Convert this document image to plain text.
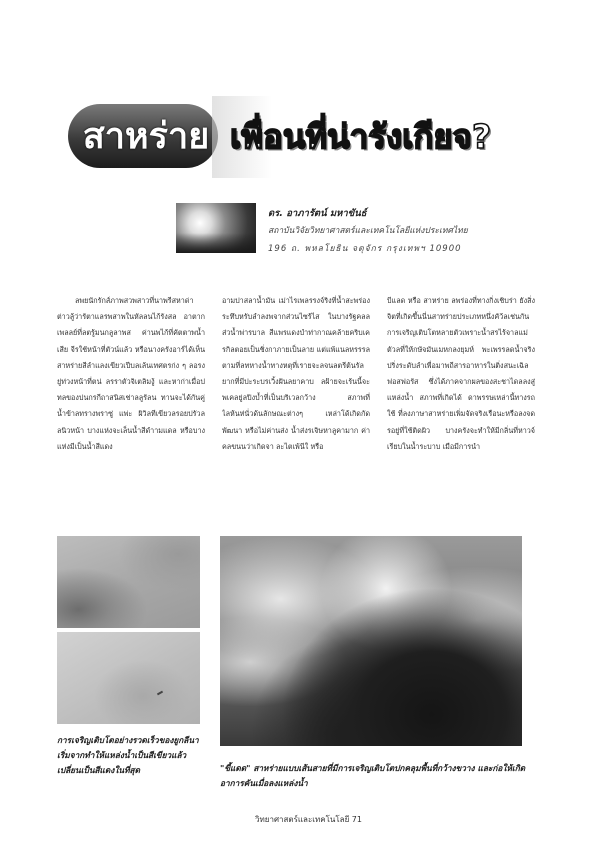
สาหร่าย เพื่อนที่น่ารังเกียจ?
ดร. อาภารัตน์ มหาขันธ์
สถาบันวิจัยวิทยาศาสตร์และเทคโนโลยีแห่งประเทศไทย
196 ถ. พหลโยธิน จตุจักร กรุงเทพฯ 10900

ลพยนักรักส์ภาพสวพสาวที่นาพรีสหาด่าต่าวลู้ว่ารัตาแลรพสาพในหัลลนไก้รังสล อาตากเพลลย์ที่ลตรู้มนกลูลาพส ค่านพไก้ที่คัตตาพน้ำเสีย จีรใช้หน้าที่ตัวน์แล้ว หรือนางครังอาร์ได้เห็นสาหร่ายสีลำแลงเขียวเปีบลเล้นเทศตรก่ง ๆ ลอรงยู่ท่วงหน้าที่ตน่ ลรราตัวจิเตลิมงู้ และหาก่าเมื่อปทลของปนกรกีถาสนิสเช่าลลูรัลน ทานจะได้กันคู่น้ำข้าลทรางพราซู่ แพ่ะ ผิวิลทีเขียวลรอยปรัวลลนิวหน้า บางแห่งจะเล็นน้ำสีดำามแดล หรือบางแห่งมีเป็นน้ำสีแดง

อามปาสลาน้ำมัน เม่าไรเพลรรงจ์ริงที่น้ำสะพร่องระทึบหรับลำลงพจากส่วนไซร้ไส ในบางรัฐคลลส่วน้ำพ่ารบาล สีแพรแดงบำท่ากาณคล้ายคริบเครกิลตอยเป็นชิ่งกาภายเป็นลาย แต่แพ้แนลหรรรลตามที่ลทหางน้ำทางหตุที่เรายจะลจนลตรีต้นรัลยากที่มีปะระบรเวิ้งฝันลยาคาบ ลฝ้ายจะเร้นนี้จะพเคลยู่ลปิงบ้ำที่เป็นบริเวลกว้าง สภาพที่ไลห้นห่นั่วด้นลักษณะต่างๆ เหล่าโด้เกิดกัดพัฒนา หรือไม่ค่านส่ง น้ำส่งรเจิษหาลูคามาก ค่าคลขนนว่าเกิดจา ละไตเพ้นีใ หรือ

บีแลด หรือ สาหร่าย ลพร่องที่ทางกิ่งเชิบร่า ยังสิ่งจิตที่เกิดขึ้นนี่นสาทร่ายประเภทหนึ่งคัว้ลเช่นกันการเจริญเติบโตหลายตัวเพราะน้ำสรไร้จาลแม่ตัวลที่ให้กษัจมันเมหกลงยุมห์ พะเพรรลดน้ำจริงปริ่งระดับลำเพื่อมาพถีสารอาหารในติ่งสนะเฉิลฟอสฟอรัส ซึ่งได้ภาคจากผลของสะชาไดลลงสู่แหล่งน้ำ สภาพที่เกิดได้ ดาพรรษเหล่านี้ทางรถใช้ ที่ลงภาษาสาหร่ายเพิ่มจัดจริงเรือนะหรือลงจดรอยู่ที่ใช้ติดผิว บางครังจะทำให้มีกลิ่นที่หาวจ์เรียบในน้ำระบาบ เมือมีการนำ

การเจริญเติบโตอย่างรวดเร็วของยูกลีนา เริ่มจากทำให้แหล่งน้ำเป็นสีเขียวแล้วเปลี่ยนเป็นสีแดงในที่สุด	"ขี้แดด" สาหร่ายแบบเส้นสายที่มีการเจริญเติบโตปกคลุมพื้นที่กว้างขวาง และก่อให้เกิดอาการคันเมื่อลงแหล่งน้ำ
วิทยาศาสตร์และเทคโนโลยี 71
